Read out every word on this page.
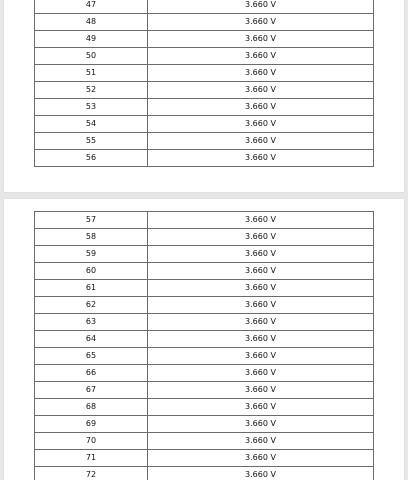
47	3.660 V
48	3.660 V
49	3.660 V
50	3.660 V
51	3.660 V
52	3.660 V
53	3.660 V
54	3.660 V
55	3.660 V
56	3.660 V
57	3.660 V
58	3.660 V
59	3.660 V
60	3.660 V
61	3.660 V
62	3.660 V
63	3.660 V
64	3.660 V
65	3.660 V
66	3.660 V
67	3.660 V
68	3.660 V
69	3.660 V
70	3.660 V
71	3.660 V
72	3.660 V
